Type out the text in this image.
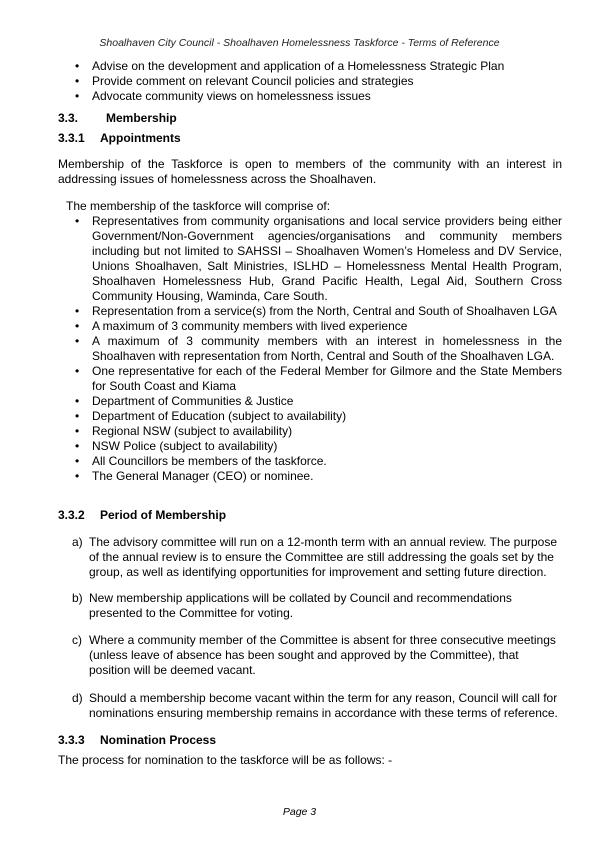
Shoalhaven City Council - Shoalhaven Homelessness Taskforce - Terms of Reference
• Advise on the development and application of a Homelessness Strategic Plan
• Provide comment on relevant Council policies and strategies
• Advocate community views on homelessness issues
3.3. Membership
3.3.1 Appointments
Membership of the Taskforce is open to members of the community with an interest in addressing issues of homelessness across the Shoalhaven.
The membership of the taskforce will comprise of:
• Representatives from community organisations and local service providers being either Government/Non-Government agencies/organisations and community members including but not limited to SAHSSI – Shoalhaven Women’s Homeless and DV Service, Unions Shoalhaven, Salt Ministries, ISLHD – Homelessness Mental Health Program, Shoalhaven Homelessness Hub, Grand Pacific Health, Legal Aid, Southern Cross Community Housing, Waminda, Care South.
• Representation from a service(s) from the North, Central and South of Shoalhaven LGA
• A maximum of 3 community members with lived experience
• A maximum of 3 community members with an interest in homelessness in the Shoalhaven with representation from North, Central and South of the Shoalhaven LGA.
• One representative for each of the Federal Member for Gilmore and the State Members for South Coast and Kiama
• Department of Communities & Justice
• Department of Education (subject to availability)
• Regional NSW (subject to availability)
• NSW Police (subject to availability)
• All Councillors be members of the taskforce.
• The General Manager (CEO) or nominee.
3.3.2 Period of Membership
a) The advisory committee will run on a 12-month term with an annual review. The purpose of the annual review is to ensure the Committee are still addressing the goals set by the group, as well as identifying opportunities for improvement and setting future direction.
b) New membership applications will be collated by Council and recommendations presented to the Committee for voting.
c) Where a community member of the Committee is absent for three consecutive meetings (unless leave of absence has been sought and approved by the Committee), that position will be deemed vacant.
d) Should a membership become vacant within the term for any reason, Council will call for nominations ensuring membership remains in accordance with these terms of reference.
3.3.3 Nomination Process
The process for nomination to the taskforce will be as follows: -
Page 3
